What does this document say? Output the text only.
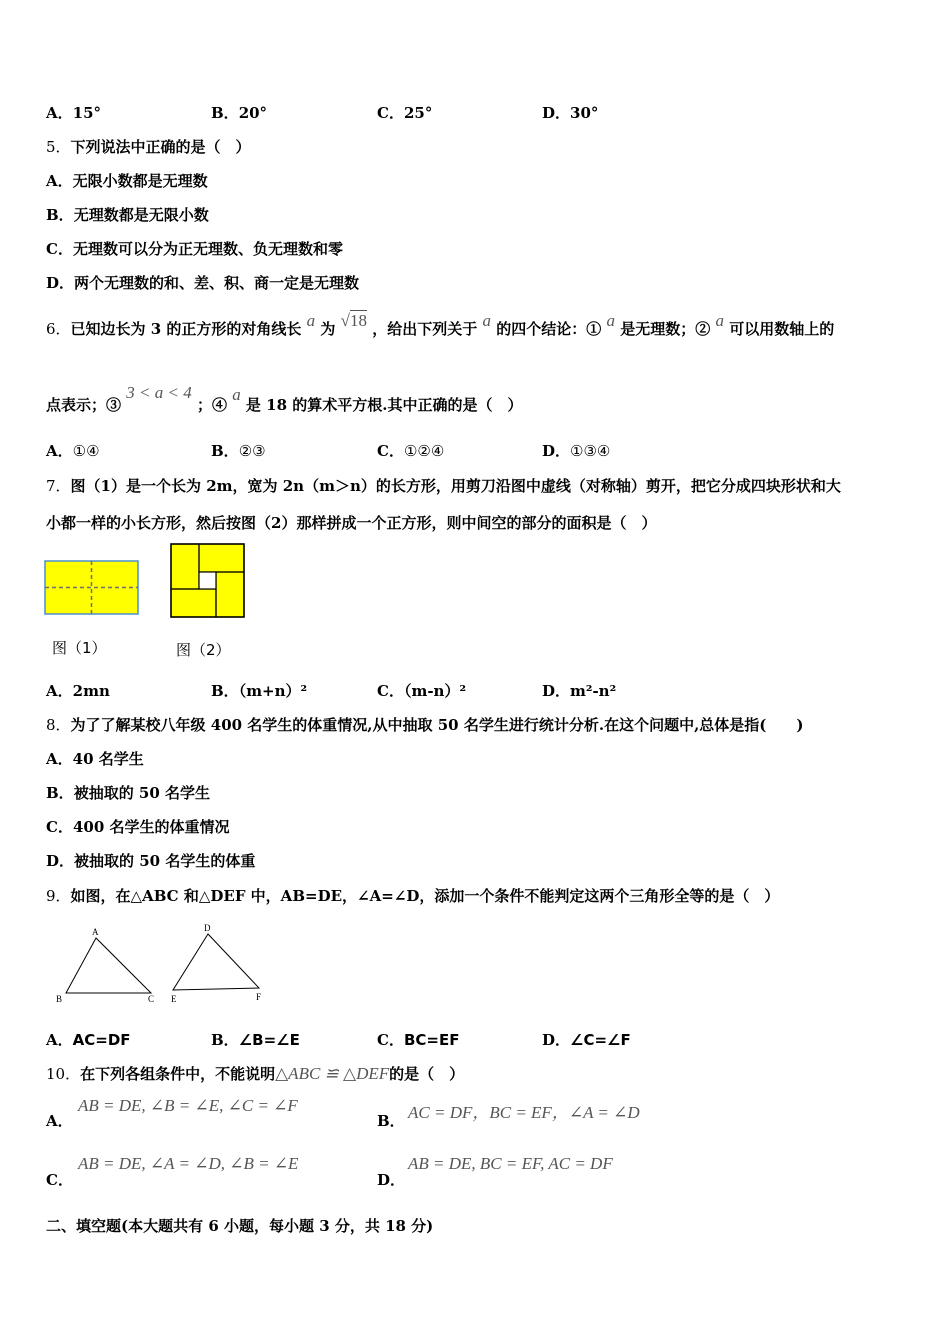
A．15°	B．20°	C．25°	D．30°
5．下列说法中正确的是（　）
A．无限小数都是无理数
B．无理数都是无限小数
C．无理数可以分为正无理数、负无理数和零
D．两个无理数的和、差、积、商一定是无理数
6．已知边长为 3 的正方形的对角线长 a 为 √18 ，给出下列关于 a 的四个结论：① a 是无理数；② a 可以用数轴上的
点表示；③ 3 < a < 4 ；④ a 是 18 的算术平方根.其中正确的是（　）
A．①④	B．②③	C．①②④	D．①③④
7．图（1）是一个长为 2m，宽为 2n（m＞n）的长方形，用剪刀沿图中虚线（对称轴）剪开，把它分成四块形状和大
小都一样的小长方形，然后按图（2）那样拼成一个正方形，则中间空的部分的面积是（　）
图（1）	图（2）
A．2mn	B．（m+n）²	C．（m-n）²	D．m²-n²
8．为了了解某校八年级 400 名学生的体重情况,从中抽取 50 名学生进行统计分析.在这个问题中,总体是指(　　)
A．40 名学生
B．被抽取的 50 名学生
C．400 名学生的体重情况
D．被抽取的 50 名学生的体重
9．如图，在△ABC 和△DEF 中，AB=DE，∠A=∠D，添加一个条件不能判定这两个三角形全等的是（　）
A
B	C
D
E	F
A．AC=DF	B．∠B=∠E	C．BC=EF	D．∠C=∠F
10．在下列各组条件中，不能说明△ABC ≌ △DEF的是（　）
A．
AB = DE, ∠B = ∠E, ∠C = ∠F
B． AC = DF，BC = EF，∠A = ∠D
C．
AB = DE, ∠A = ∠D, ∠B = ∠E
D．
AB = DE, BC = EF, AC = DF
二、填空题(本大题共有 6 小题，每小题 3 分，共 18 分)
